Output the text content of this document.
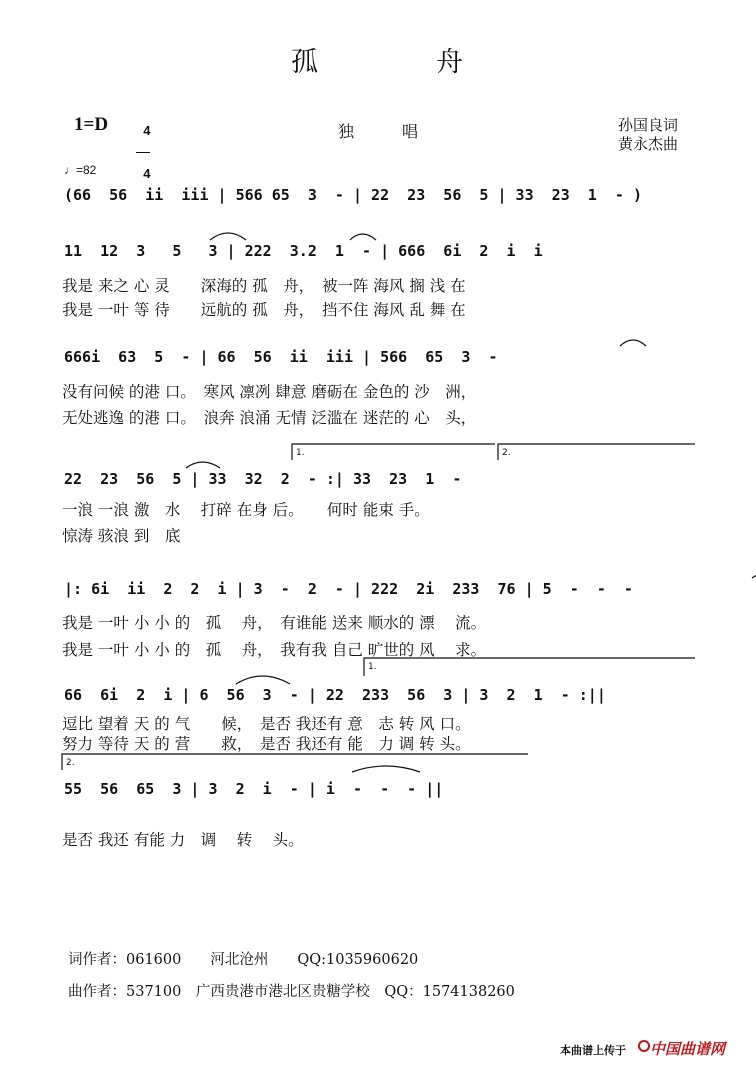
孤　　　　舟
1=D	4

4

独　　　唱	孙国良词
黄永杰曲
♩=82
(66  56  ii  iii | 566 65  3  - | 22  23  56  5 | 33  23  1  - )
11  12  3   5   3 | 222  3.2  1  - | 666  6i  2  i  i
我是 来之 心 灵　　深海的 孤　舟，　被一阵 海风 搁 浅 在
我是 一叶 等 待　　远航的 孤　舟，　挡不住 海风 乱 舞 在
666i  63  5  - | 66  56  ii  iii | 566  65  3  -
没有问候 的港 口。　寒风 凛冽 肆意 磨砺在 金色的 沙　洲，
无处逃逸 的港 口。　浪奔 浪涌 无情 泛滥在 迷茫的 心　头，
1.	2.
22  23  56  5 | 33  32  2  - :| 33  23  1  -
一浪 一浪 激　水　 打碎 在身 后。　　何时 能束 手。
惊涛 骇浪 到　底
|: 6i  ii  2  2  i | 3  -  2  - | 222  2i  233  76 | 5  -  -  -
我是 一叶 小 小 的　孤　 舟，　有谁能 送来 顺水的 漂　 流。
我是 一叶 小 小 的　孤　 舟，　我有我 自己 旷世的 风　 求。
1.
66  6i  2  i | 6  56  3  - | 22  233  56  3 | 3  2  1  - :||
逗比 望着 天 的 气　　候，　是否 我还有 意　志 转 风 口。
努力 等待 天 的 营　　救，　是否 我还有 能　力 调 转 头。
2.
55  56  65  3 | 3  2  i  - | i  -  -  - ||
是否 我还 有能 力　调　 转　 头。
词作者：061600　　河北沧州　　QQ:1035960620
曲作者：537100　广西贵港市港北区贵糖学校　QQ：1574138260
本曲谱上传于 中国曲谱网
